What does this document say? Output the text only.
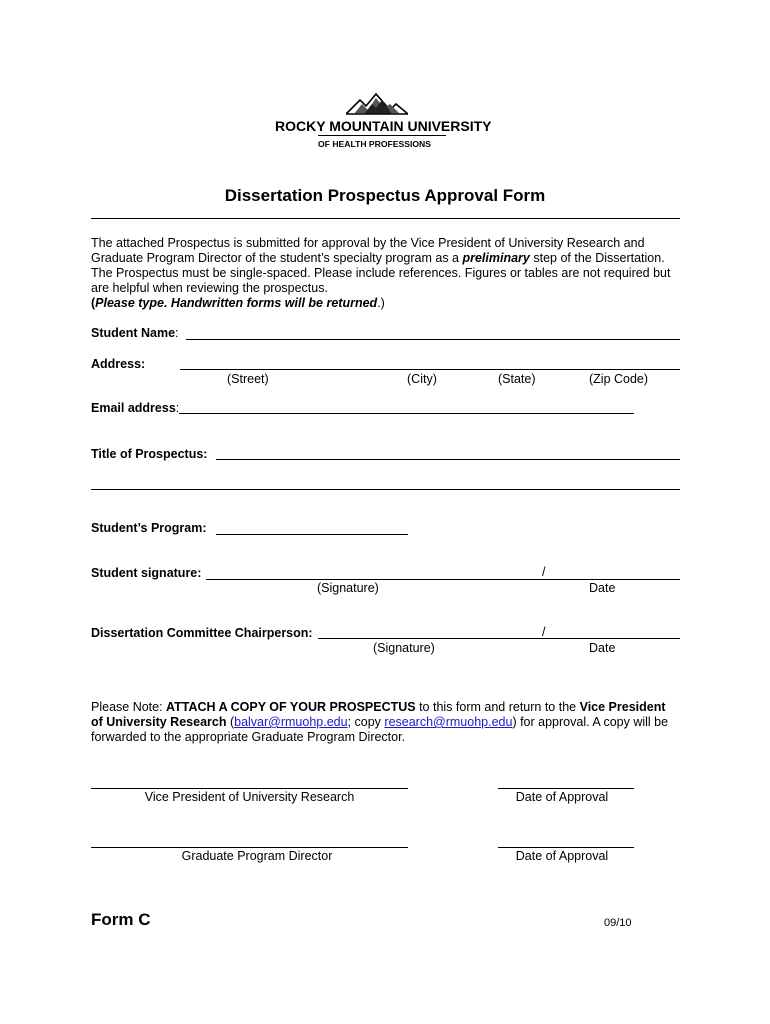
ROCKY MOUNTAIN UNIVERSITY
OF HEALTH PROFESSIONS
Dissertation Prospectus Approval Form
The attached Prospectus is submitted for approval by the Vice President of University Research and
Graduate Program Director of the student’s specialty program as a preliminary step of the Dissertation.
The Prospectus must be single-spaced. Please include references. Figures or tables are not required but
are helpful when reviewing the prospectus.
(Please type. Handwritten forms will be returned.)
Student Name:
Address:
(Street)	(City)	(State)	(Zip Code)
Email address:
Title of Prospectus:
Student’s Program:
Student signature:	/
(Signature)	Date
Dissertation Committee Chairperson:	/
(Signature)	Date
Please Note: ATTACH A COPY OF YOUR PROSPECTUS to this form and return to the Vice President
of University Research (balvar@rmuohp.edu; copy research@rmuohp.edu) for approval. A copy will be
forwarded to the appropriate Graduate Program Director.
Vice President of University Research	Date of Approval
Graduate Program Director	Date of Approval
Form C	09/10
